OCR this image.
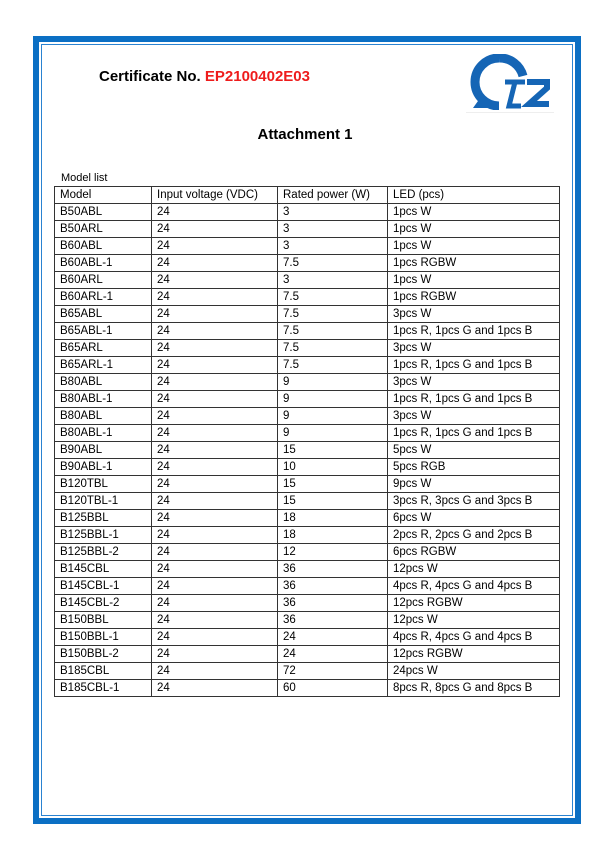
Certificate No. EP2100402E03
Attachment 1
Model list
Model	Input voltage (VDC)	Rated power (W)	LED (pcs)
B50ABL	24	3	1pcs W
B50ARL	24	3	1pcs W
B60ABL	24	3	1pcs W
B60ABL-1	24	7.5	1pcs RGBW
B60ARL	24	3	1pcs W
B60ARL-1	24	7.5	1pcs RGBW
B65ABL	24	7.5	3pcs W
B65ABL-1	24	7.5	1pcs R, 1pcs G and 1pcs B
B65ARL	24	7.5	3pcs W
B65ARL-1	24	7.5	1pcs R, 1pcs G and 1pcs B
B80ABL	24	9	3pcs W
B80ABL-1	24	9	1pcs R, 1pcs G and 1pcs B
B80ABL	24	9	3pcs W
B80ABL-1	24	9	1pcs R, 1pcs G and 1pcs B
B90ABL	24	15	5pcs W
B90ABL-1	24	10	5pcs RGB
B120TBL	24	15	9pcs W
B120TBL-1	24	15	3pcs R, 3pcs G and 3pcs B
B125BBL	24	18	6pcs W
B125BBL-1	24	18	2pcs R, 2pcs G and 2pcs B
B125BBL-2	24	12	6pcs RGBW
B145CBL	24	36	12pcs W
B145CBL-1	24	36	4pcs R, 4pcs G and 4pcs B
B145CBL-2	24	36	12pcs RGBW
B150BBL	24	36	12pcs W
B150BBL-1	24	24	4pcs R, 4pcs G and 4pcs B
B150BBL-2	24	24	12pcs RGBW
B185CBL	24	72	24pcs W
B185CBL-1	24	60	8pcs R, 8pcs G and 8pcs B
